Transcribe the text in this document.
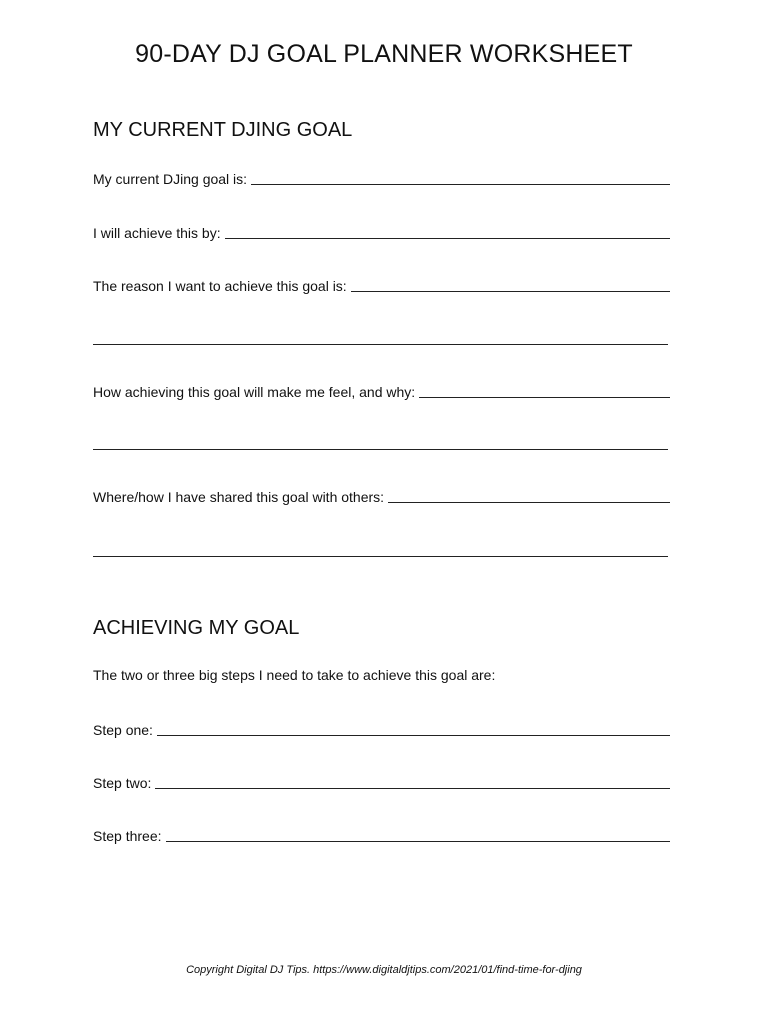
90-DAY DJ GOAL PLANNER WORKSHEET
MY CURRENT DJING GOAL
My current DJing goal is:
I will achieve this by:
The reason I want to achieve this goal is:
How achieving this goal will make me feel, and why:
Where/how I have shared this goal with others:
ACHIEVING MY GOAL
The two or three big steps I need to take to achieve this goal are:
Step one:
Step two:
Step three:
Copyright Digital DJ Tips. https://www.digitaldjtips.com/2021/01/find-time-for-djing
